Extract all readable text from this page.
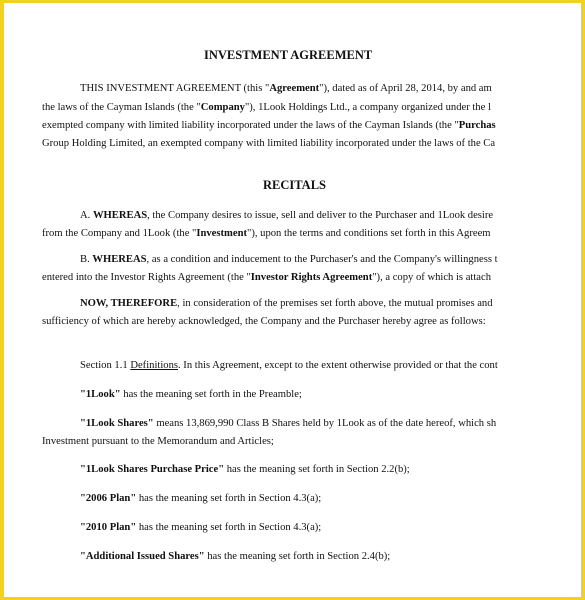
INVESTMENT AGREEMENT
THIS INVESTMENT AGREEMENT (this "Agreement"), dated as of April 28, 2014, by and am
the laws of the Cayman Islands (the "Company"), 1Look Holdings Ltd., a company organized under the l
exempted company with limited liability incorporated under the laws of the Cayman Islands (the "Purchas
Group Holding Limited, an exempted company with limited liability incorporated under the laws of the Ca
RECITALS
A. WHEREAS, the Company desires to issue, sell and deliver to the Purchaser and 1Look desire
from the Company and 1Look (the "Investment"), upon the terms and conditions set forth in this Agreem
B. WHEREAS, as a condition and inducement to the Purchaser's and the Company's willingness t
entered into the Investor Rights Agreement (the "Investor Rights Agreement"), a copy of which is attach
NOW, THEREFORE, in consideration of the premises set forth above, the mutual promises and
sufficiency of which are hereby acknowledged, the Company and the Purchaser hereby agree as follows:
Section 1.1 Definitions. In this Agreement, except to the extent otherwise provided or that the cont
"1Look" has the meaning set forth in the Preamble;
"1Look Shares" means 13,869,990 Class B Shares held by 1Look as of the date hereof, which sh
Investment pursuant to the Memorandum and Articles;
"1Look Shares Purchase Price" has the meaning set forth in Section 2.2(b);
"2006 Plan" has the meaning set forth in Section 4.3(a);
"2010 Plan" has the meaning set forth in Section 4.3(a);
"Additional Issued Shares" has the meaning set forth in Section 2.4(b);
